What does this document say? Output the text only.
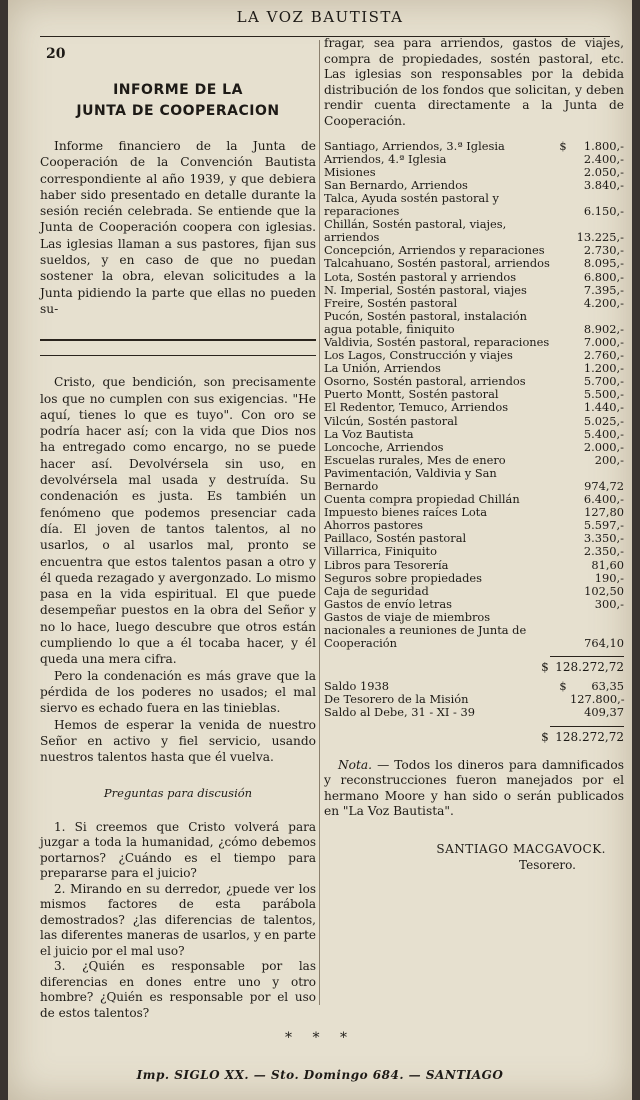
LA VOZ BAUTISTA
20
INFORME DE LA
JUNTA DE COOPERACION

Informe financiero de la Junta de Cooperación de la Convención Bautista correspondiente al año 1939, y que debiera haber sido presentado en detalle durante la sesión recién celebrada. Se entiende que la Junta de Cooperación coopera con iglesias. Las iglesias llaman a sus pastores, fijan sus sueldos, y en caso de que no puedan sostener la obra, elevan solicitudes a la Junta pidiendo la parte que ellas no pueden su-

Cristo, que bendición, son precisamente los que no cumplen con sus exigencias. "He aquí, tienes lo que es tuyo". Con oro se podría hacer así; con la vida que Dios nos ha entregado como encargo, no se puede hacer así. Devolvérsela sin uso, en devolvérsela mal usada y destruída. Su condenación es justa. Es también un fenómeno que podemos presenciar cada día. El joven de tantos talentos, al no usarlos, o al usarlos mal, pronto se encuentra que estos talentos pasan a otro y él queda rezagado y avergonzado. Lo mismo pasa en la vida espiritual. El que puede desempeñar puestos en la obra del Señor y no lo hace, luego descubre que otros están cumpliendo lo que a él tocaba hacer, y él queda una mera cifra.

Pero la condenación es más grave que la pérdida de los poderes no usados; el mal siervo es echado fuera en las tinieblas.

Hemos de esperar la venida de nuestro Señor en activo y fiel servicio, usando nuestros talentos hasta que él vuelva.

Preguntas para discusión

1. Si creemos que Cristo volverá para juzgar a toda la humanidad, ¿cómo debemos portarnos? ¿Cuándo es el tiempo para prepararse para el juicio?

2. Mirando en su derredor, ¿puede ver los mismos factores de esta parábola demostrados? ¿las diferencias de talentos, las diferentes maneras de usarlos, y en parte el juicio por el mal uso?

3. ¿Quién es responsable por las diferencias en dones entre uno y otro hombre? ¿Quién es responsable por el uso de estos talentos?

fragar, sea para arriendos, gastos de viajes, compra de propiedades, sostén pastoral, etc. Las iglesias son responsables por la debida distribución de los fondos que solicitan, y deben rendir cuenta directamente a la Junta de Cooperación.

Santiago, Arriendos, 3.ª Iglesia	$	1.800,-
Arriendos, 4.ª Iglesia	2.400,-
Misiones	2.050,-
San Bernardo, Arriendos	3.840,-
Talca, Ayuda sostén pastoral y reparaciones	6.150,-
Chillán, Sostén pastoral, viajes, arriendos	13.225,-
Concepción, Arriendos y reparaciones	2.730,-
Talcahuano, Sostén pastoral, arriendos	8.095,-
Lota, Sostén pastoral y arriendos	6.800,-
N. Imperial, Sostén pastoral, viajes	7.395,-
Freire, Sostén pastoral	4.200,-
Pucón, Sostén pastoral, instalación agua potable, finiquito	8.902,-
Valdivia, Sostén pastoral, reparaciones	7.000,-
Los Lagos, Construcción y viajes	2.760,-
La Unión, Arriendos	1.200,-
Osorno, Sostén pastoral, arriendos	5.700,-
Puerto Montt, Sostén pastoral	5.500,-
El Redentor, Temuco, Arriendos	1.440,-
Vilcún, Sostén pastoral	5.025,-
La Voz Bautista	5.400,-
Loncoche, Arriendos	2.000,-
Escuelas rurales, Mes de enero	200,-
Pavimentación, Valdivia y San Bernardo	974,72
Cuenta compra propiedad Chillán	6.400,-
Impuesto bienes raíces Lota	127,80
Ahorros pastores	5.597,-
Paillaco, Sostén pastoral	3.350,-
Villarrica, Finiquito	2.350,-
Libros para Tesorería	81,60
Seguros sobre propiedades	190,-
Caja de seguridad	102,50
Gastos de envío letras	300,-
Gastos de viaje de miembros nacionales a reuniones de Junta de Cooperación	764,10
$ 128.272,72
Saldo 1938	$	63,35
De Tesorero de la Misión	127.800,-
Saldo al Debe, 31 - XI - 39	409,37
$ 128.272,72

Nota. — Todos los dineros para damnificados y reconstrucciones fueron manejados por el hermano Moore y han sido o serán publicados en "La Voz Bautista".

SANTIAGO MACGAVOCK.
Tesorero.
* * *
Imp. SIGLO XX. — Sto. Domingo 684. — SANTIAGO
